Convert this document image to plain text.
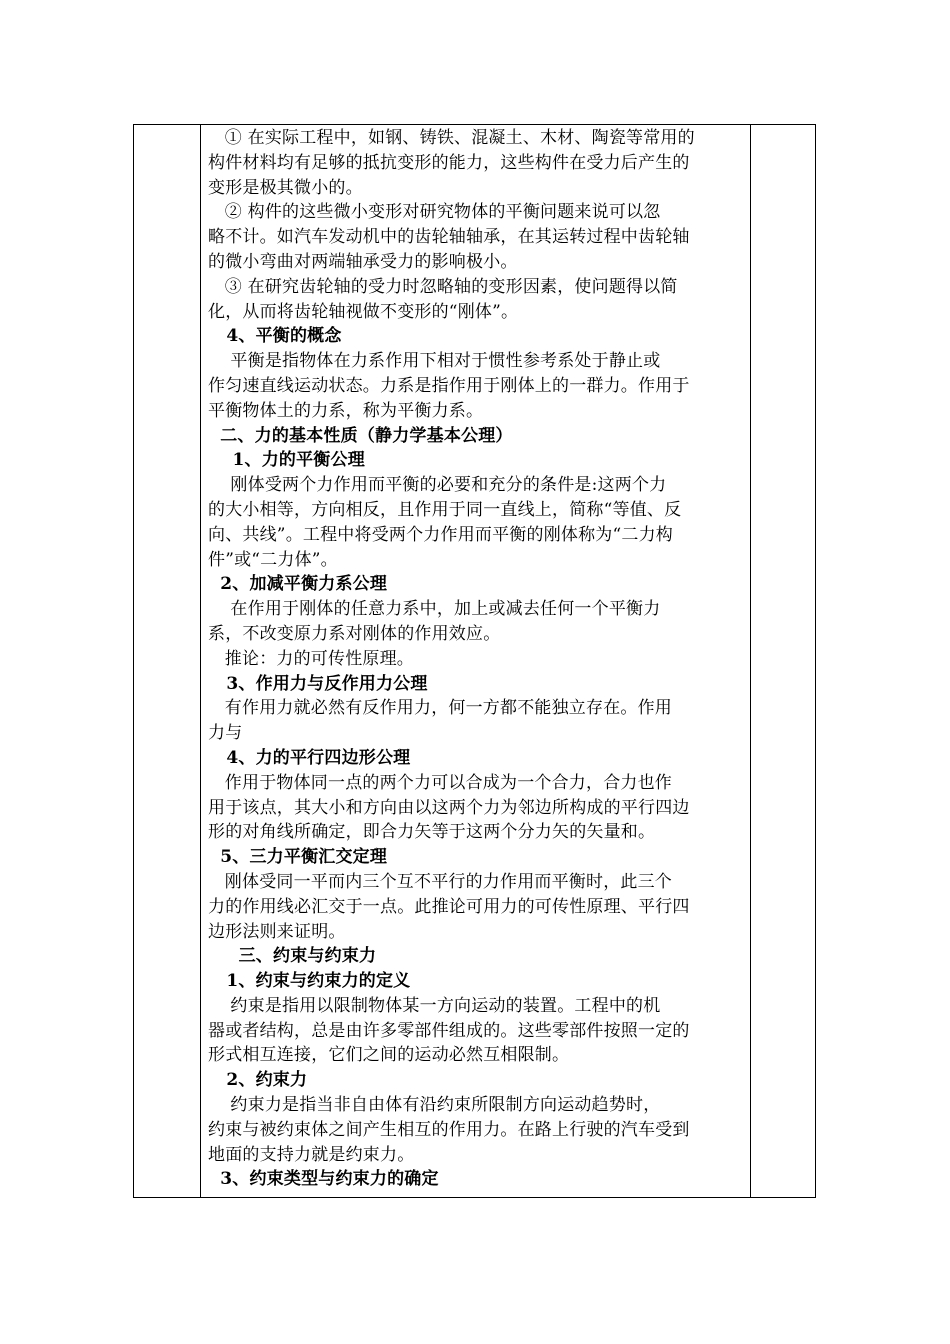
① 在实际工程中，如钢、铸铁、混凝土、木材、陶瓷等常用的
构件材料均有足够的抵抗变形的能力，这些构件在受力后产生的
变形是极其微小的。
② 构件的这些微小变形对研究物体的平衡问题来说可以忽
略不计。如汽车发动机中的齿轮轴轴承，在其运转过程中齿轮轴
的微小弯曲对两端轴承受力的影响极小。
③ 在研究齿轮轴的受力时忽略轴的变形因素，使问题得以简
化，从而将齿轮轴视做不变形的“刚体”。
4、平衡的概念
平衡是指物体在力系作用下相对于惯性参考系处于静止或
作匀速直线运动状态。力系是指作用于刚体上的一群力。作用于
平衡物体土的力系，称为平衡力系。
二、力的基本性质（静力学基本公理）
1、力的平衡公理
刚体受两个力作用而平衡的必要和充分的条件是:这两个力
的大小相等，方向相反，且作用于同一直线上，简称“等值、反
向、共线”。工程中将受两个力作用而平衡的刚体称为“二力构
件”或“二力体”。
2、加减平衡力系公理
在作用于刚体的任意力系中，加上或减去任何一个平衡力
系，不改变原力系对刚体的作用效应。
推论：力的可传性原理。
3、作用力与反作用力公理
有作用力就必然有反作用力，何一方都不能独立存在。作用
力与
4、力的平行四边形公理
作用于物体同一点的两个力可以合成为一个合力，合力也作
用于该点，其大小和方向由以这两个力为邻边所构成的平行四边
形的对角线所确定，即合力矢等于这两个分力矢的矢量和。
5、三力平衡汇交定理
刚体受同一平而内三个互不平行的力作用而平衡时，此三个
力的作用线必汇交于一点。此推论可用力的可传性原理、平行四
边形法则来证明。
三、约束与约束力
1、约束与约束力的定义
约束是指用以限制物体某一方向运动的装置。工程中的机
器或者结构，总是由许多零部件组成的。这些零部件按照一定的
形式相互连接，它们之间的运动必然互相限制。
2、约束力
约束力是指当非自由体有沿约束所限制方向运动趋势时，
约束与被约束体之间产生相互的作用力。在路上行驶的汽车受到
地面的支持力就是约束力。
3、约束类型与约束力的确定
